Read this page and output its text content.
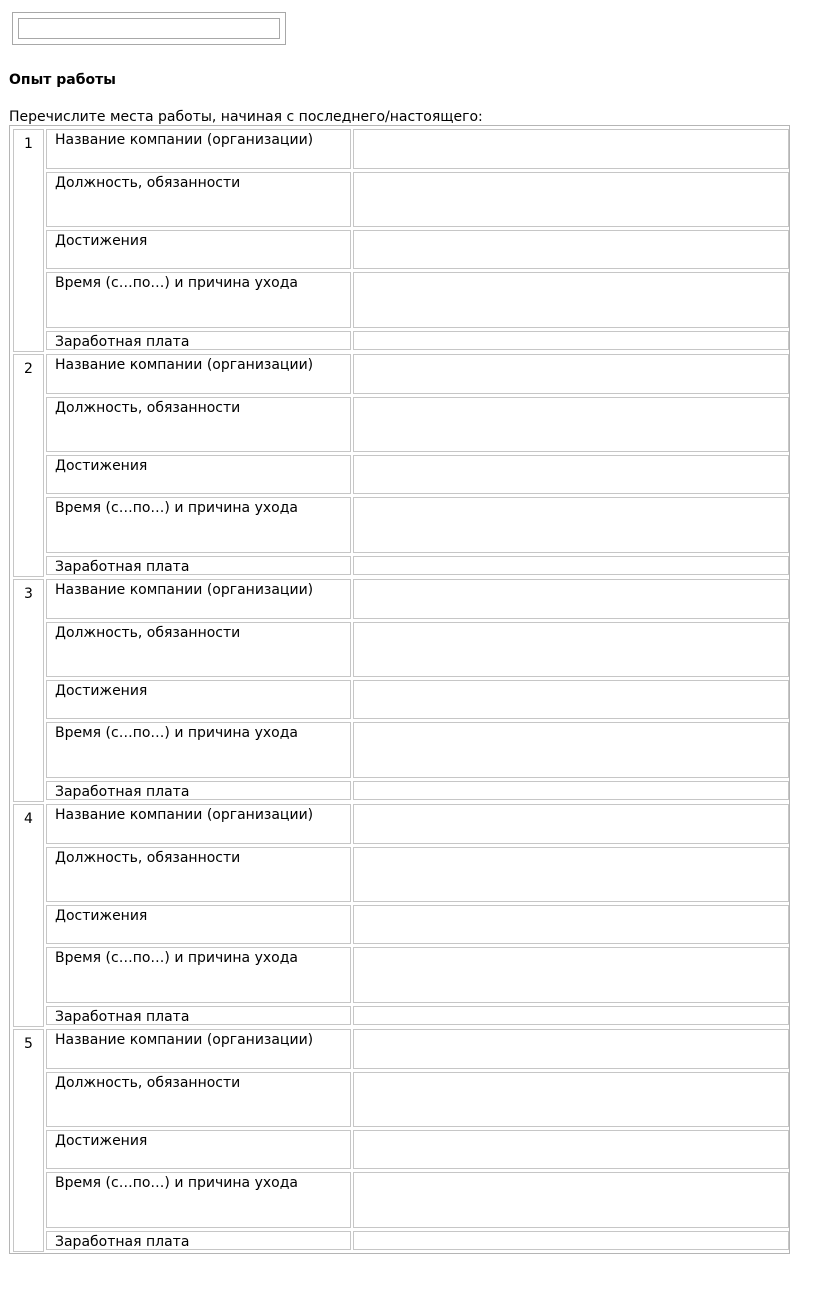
Опыт работы
Перечислите места работы, начиная с последнего/настоящего:
1	Название компании (организации)
Должность, обязанности
Достижения
Время (с…по…) и причина ухода
Заработная плата
2	Название компании (организации)
Должность, обязанности
Достижения
Время (с…по…) и причина ухода
Заработная плата
3	Название компании (организации)
Должность, обязанности
Достижения
Время (с…по…) и причина ухода
Заработная плата
4	Название компании (организации)
Должность, обязанности
Достижения
Время (с…по…) и причина ухода
Заработная плата
5	Название компании (организации)
Должность, обязанности
Достижения
Время (с…по…) и причина ухода
Заработная плата
